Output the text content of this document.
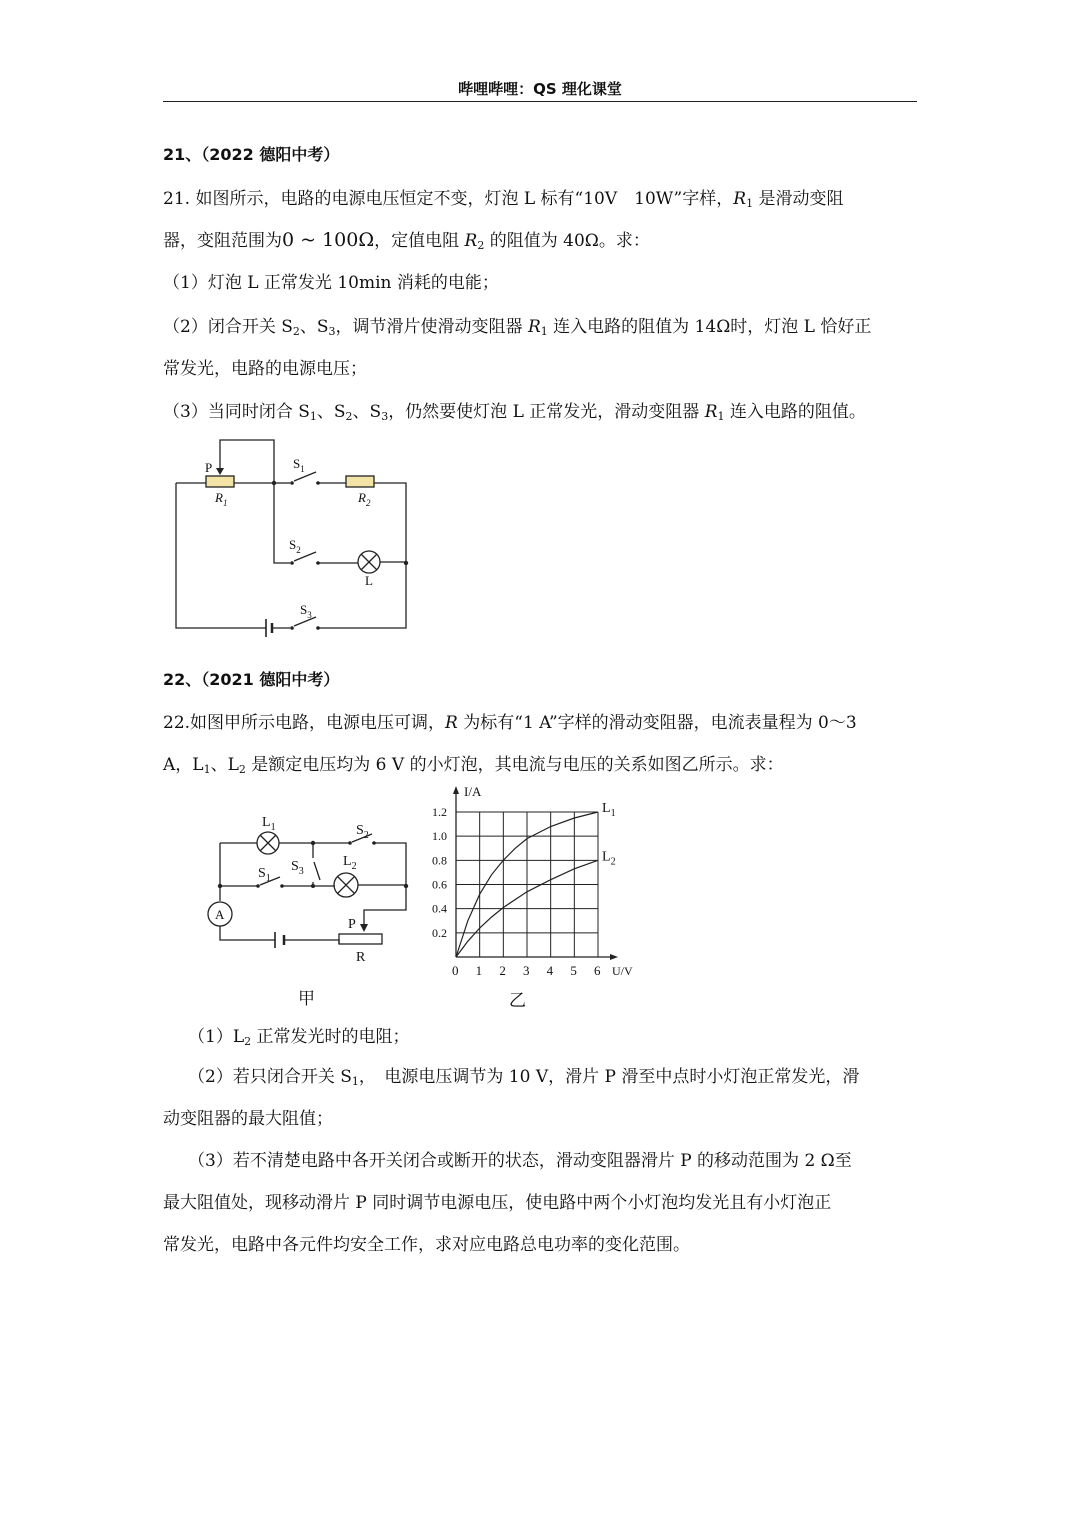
哔哩哔哩：QS 理化课堂
21、（2022 德阳中考）
21. 如图所示，电路的电源电压恒定不变，灯泡 L 标有“10V　10W”字样，$R_1$ 是滑动变阻
器，变阻范围为0 ~ 100Ω，定值电阻 $R_2$ 的阻值为 40Ω。求：
（1）灯泡 L 正常发光 10min 消耗的电能；
（2）闭合开关 $S_2$、$S_3$，调节滑片使滑动变阻器 $R_1$ 连入电路的阻值为 14Ω时，灯泡 L 恰好正
常发光，电路的电源电压；
（3）当同时闭合 $S_1$、$S_2$、$S_3$，仍然要使灯泡 L 正常发光，滑动变阻器 $R_1$ 连入电路的阻值。
P
$R_1$
$S_1$
$R_2$
$S_2$
L
$S_3$
22、（2021 德阳中考）
22.如图甲所示电路，电源电压可调，R 为标有“1 A”字样的滑动变阻器，电流表量程为 0～3
A，$L_1$、$L_2$ 是额定电压均为 6 V 的小灯泡，其电流与电压的关系如图乙所示。求：
A
$L_1$	$S_2$
$S_3$
$L_2$
$S_1$
P
R
甲
0 1 2 3 4 5 6
0.2
0.4
0.6
0.8
1.0
1.2
I/A
U/V
$L_1$
$L_2$
乙
$(1)L_2$ 正常发光时的电阻；
（2）若只闭合开关 $S_1$，　电源电压调节为 10 V，滑片 P 滑至中点时小灯泡正常发光，滑
动变阻器的最大阻值；
（3）若不清楚电路中各开关闭合或断开的状态，滑动变阻器滑片 P 的移动范围为 2 Ω至
最大阻值处，现移动滑片 P 同时调节电源电压，使电路中两个小灯泡均发光且有小灯泡正
常发光，电路中各元件均安全工作，求对应电路总电功率的变化范围。
